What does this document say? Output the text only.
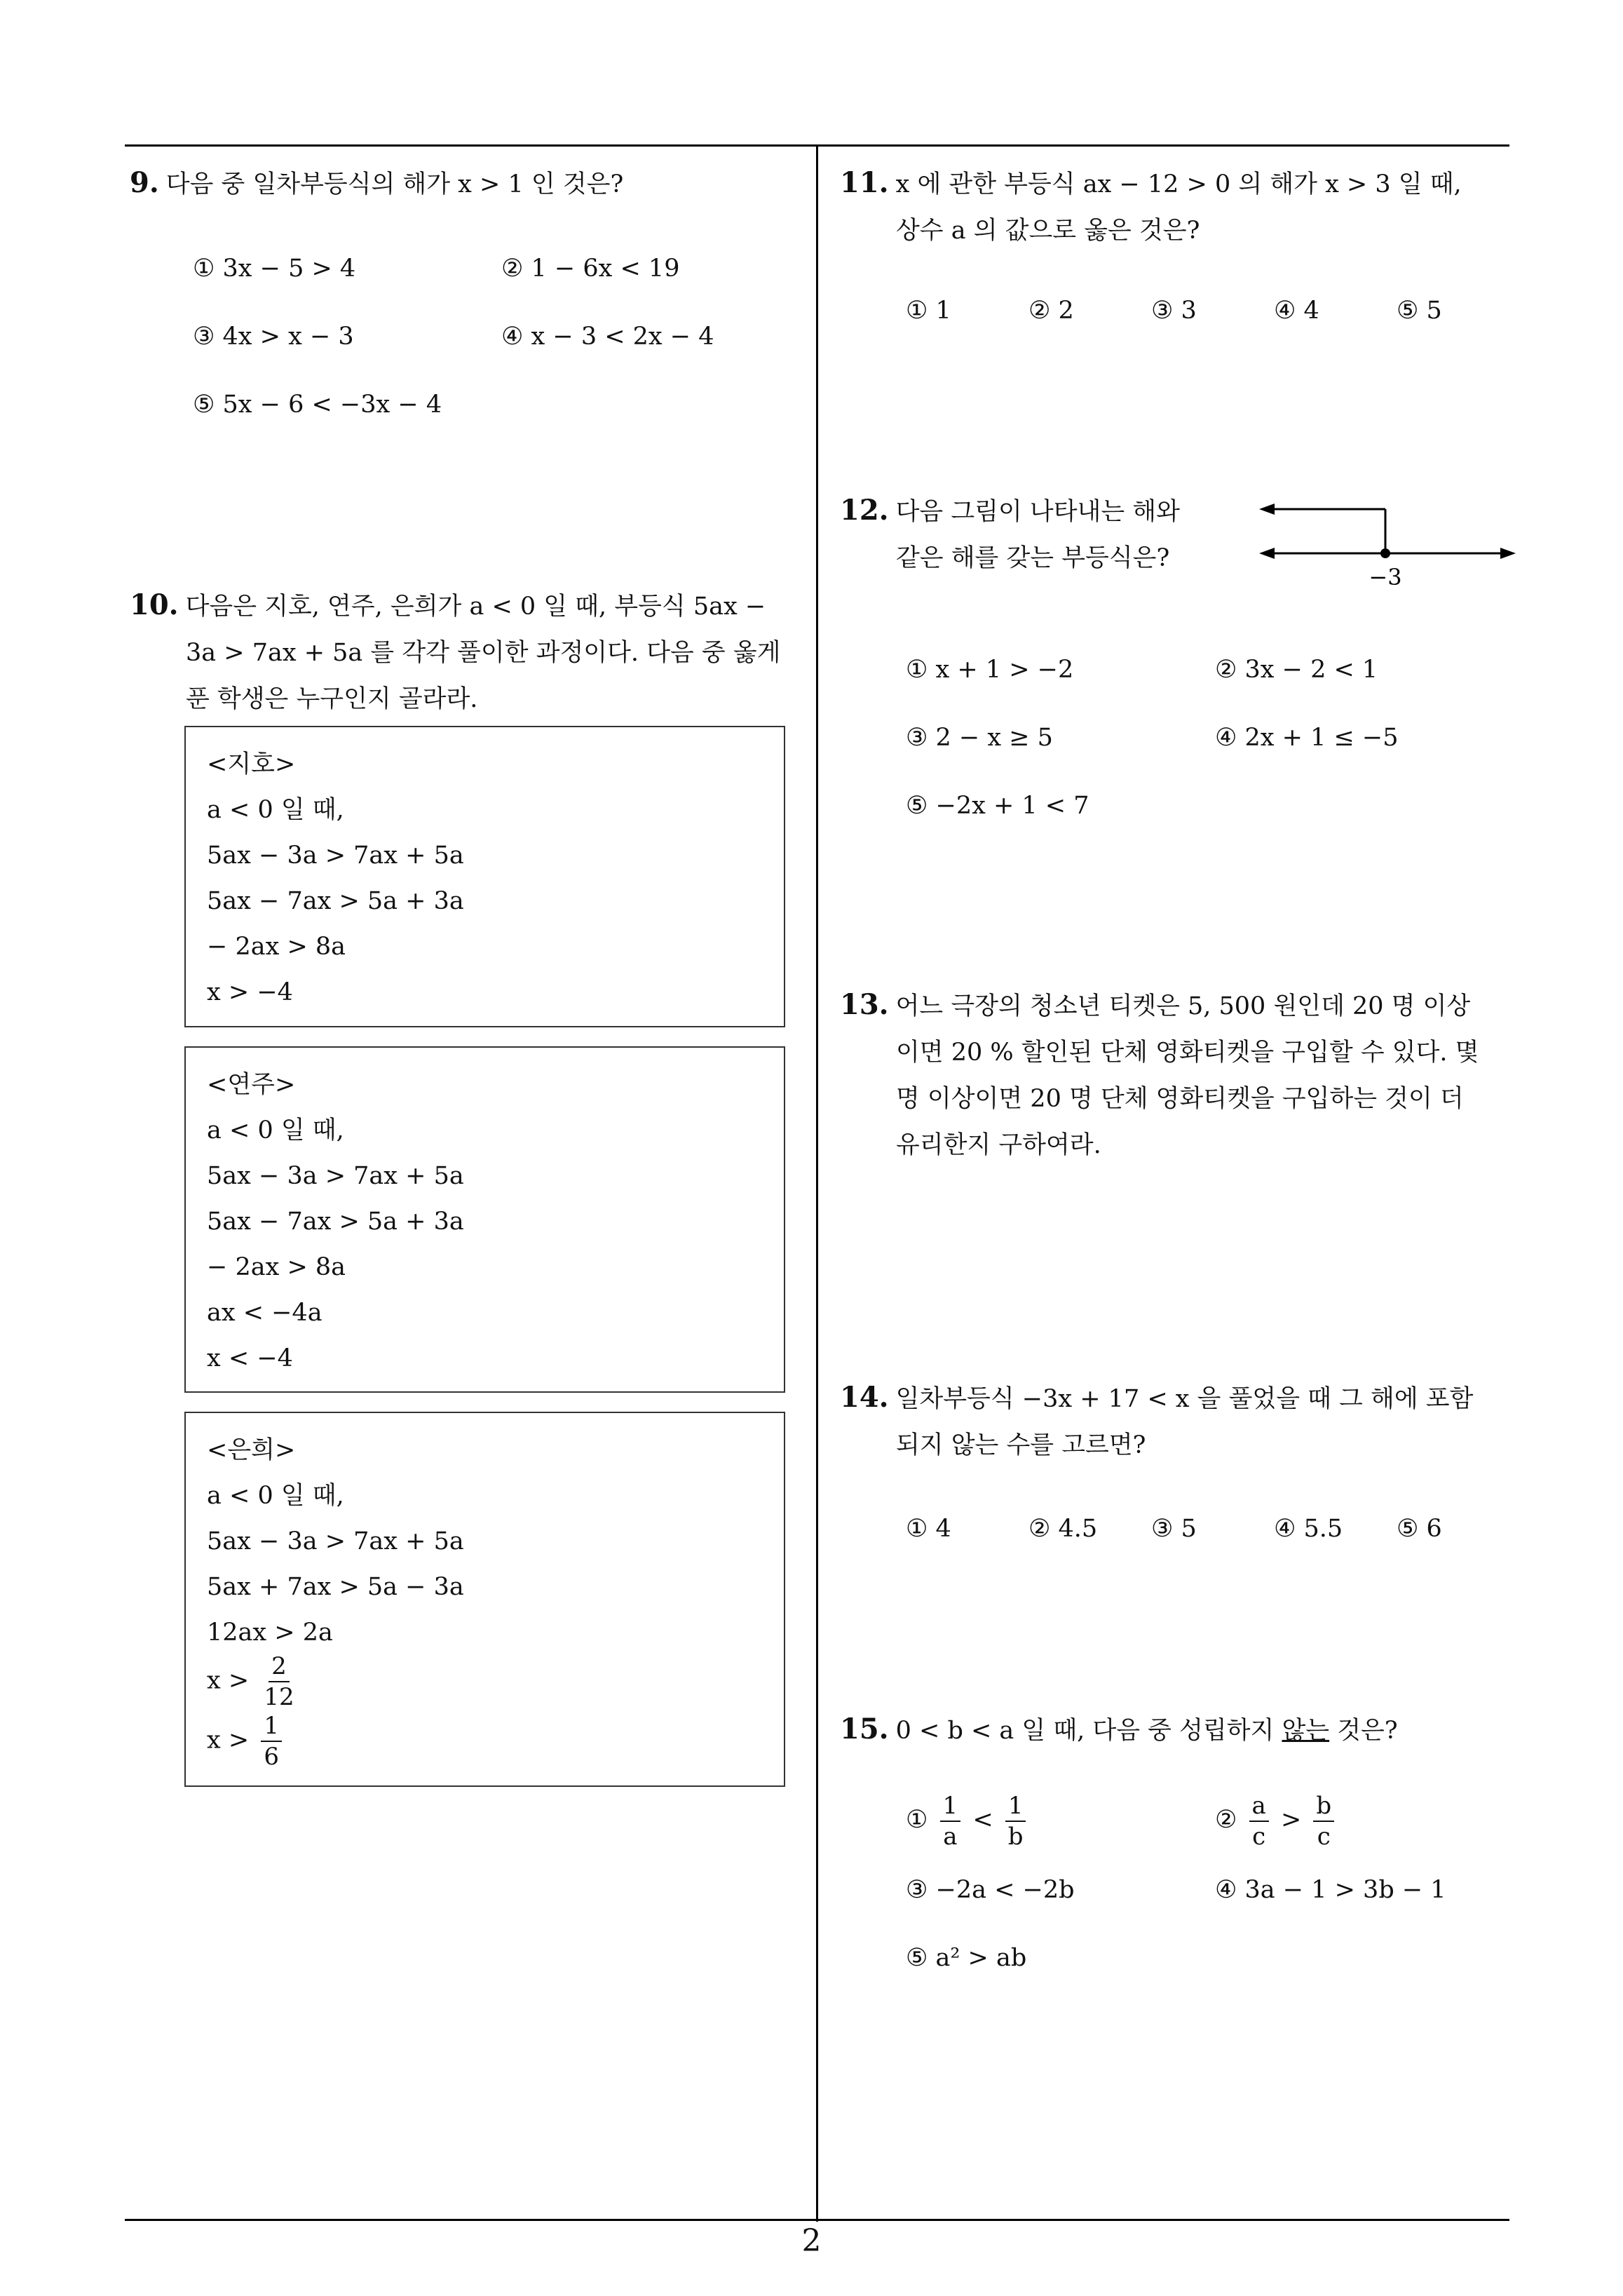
9. 다음 중 일차부등식의 해가 x > 1 인 것은?
① 3x − 5 > 4	② 1 − 6x < 19
③ 4x > x − 3	④ x − 3 < 2x − 4
⑤ 5x − 6 < −3x − 4
10. 다음은 지호, 연주, 은희가 a < 0 일 때, 부등식 5ax −
3a > 7ax + 5a 를 각각 풀이한 과정이다. 다음 중 옳게
푼 학생은 누구인지 골라라.
<지호>
a < 0 일 때,
5ax − 3a > 7ax + 5a
5ax − 7ax > 5a + 3a
− 2ax > 8a
x > −4
<연주>
a < 0 일 때,
5ax − 3a > 7ax + 5a
5ax − 7ax > 5a + 3a
− 2ax > 8a
ax < −4a
x < −4
<은희>
a < 0 일 때,
5ax − 3a > 7ax + 5a
5ax + 7ax > 5a − 3a
12ax > 2a
$x > \frac{2}{12}$
$x > \frac{1}{6}$
11. x 에 관한 부등식 ax − 12 > 0 의 해가 x > 3 일 때,
상수 a 의 값으로 옳은 것은?
① 1	② 2	③ 3	④ 4	⑤ 5
12. 다음 그림이 나타내는 해와
같은 해를 갖는 부등식은?
−3
① x + 1 > −2	② 3x − 2 < 1
③ 2 − x ≥ 5	④ 2x + 1 ≤ −5
⑤ −2x + 1 < 7
13. 어느 극장의 청소년 티켓은 5, 500 원인데 20 명 이상
이면 20 % 할인된 단체 영화티켓을 구입할 수 있다. 몇
명 이상이면 20 명 단체 영화티켓을 구입하는 것이 더
유리한지 구하여라.
14. 일차부등식 −3x + 17 < x 을 풀었을 때 그 해에 포함
되지 않는 수를 고르면?
① 4	② 4.5 ③ 5	④ 5.5 ⑤ 6
15. 0 < b < a 일 때, 다음 중 성립하지 않는 것은?
① $\frac{1}{a} < \frac{1}{b}$	② $\frac{a}{c} > \frac{b}{c}$
③ −2a < −2b	④ 3a − 1 > 3b − 1
⑤ a² > ab
2
